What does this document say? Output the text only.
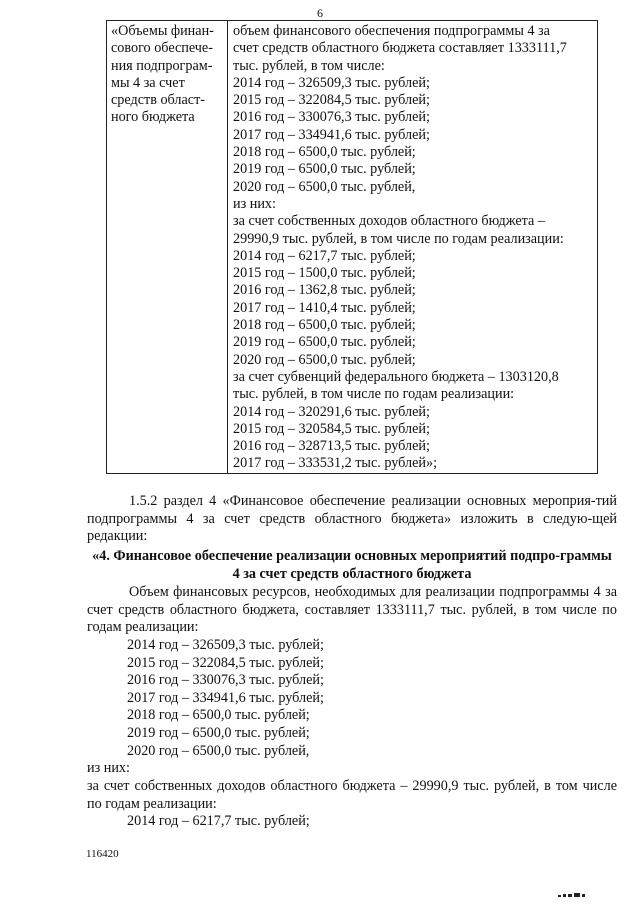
6
«Объемы финан-
сового обеспече-
ния подпрограм-
мы 4 за счет
средств област-
ного бюджета

объем финансового обеспечения подпрограммы 4 за
счет средств областного бюджета составляет 1333111,7
тыс. рублей, в том числе:
2014 год – 326509,3 тыс. рублей;
2015 год – 322084,5 тыс. рублей;
2016 год – 330076,3 тыс. рублей;
2017 год – 334941,6 тыс. рублей;
2018 год – 6500,0 тыс. рублей;
2019 год – 6500,0 тыс. рублей;
2020 год – 6500,0 тыс. рублей,
из них:
за счет собственных доходов областного бюджета –
29990,9 тыс. рублей, в том числе по годам реализации:
2014 год – 6217,7 тыс. рублей;
2015 год – 1500,0 тыс. рублей;
2016 год – 1362,8 тыс. рублей;
2017 год – 1410,4 тыс. рублей;
2018 год – 6500,0 тыс. рублей;
2019 год – 6500,0 тыс. рублей;
2020 год – 6500,0 тыс. рублей;
за счет субвенций федерального бюджета – 1303120,8
тыс. рублей, в том числе по годам реализации:
2014 год – 320291,6 тыс. рублей;
2015 год – 320584,5 тыс. рублей;
2016 год – 328713,5 тыс. рублей;
2017 год – 333531,2 тыс. рублей»;
1.5.2 раздел 4 «Финансовое обеспечение реализации основных мероприя-тий подпрограммы 4 за счет средств областного бюджета» изложить в следую-щей редакции:
«4. Финансовое обеспечение реализации основных мероприятий подпро-граммы 4 за счет средств областного бюджета
Объем финансовых ресурсов, необходимых для реализации подпрограммы 4 за счет средств областного бюджета, составляет 1333111,7 тыс. рублей, в том числе по годам реализации:
2014 год – 326509,3 тыс. рублей;
2015 год – 322084,5 тыс. рублей;
2016 год – 330076,3 тыс. рублей;
2017 год – 334941,6 тыс. рублей;
2018 год – 6500,0 тыс. рублей;
2019 год – 6500,0 тыс. рублей;
2020 год – 6500,0 тыс. рублей,
из них:
за счет собственных доходов областного бюджета – 29990,9 тыс. рублей, в том числе по годам реализации:
2014 год – 6217,7 тыс. рублей;
116420
